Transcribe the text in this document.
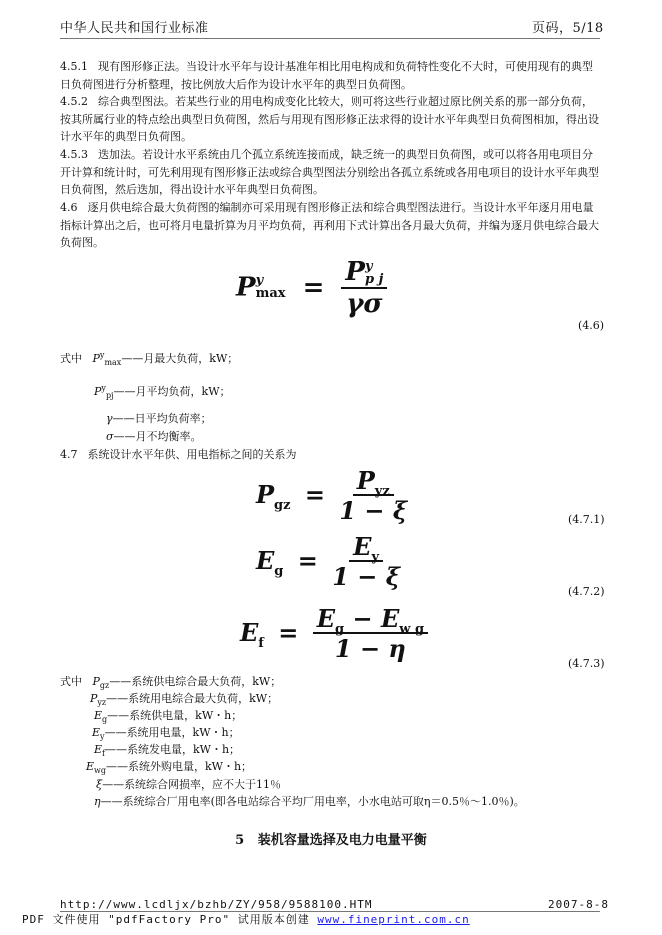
中华人民共和国行业标准	页码，5/18

4.5.1 现有图形修正法。当设计水平年与设计基准年相比用电构成和负荷特性变化不大时，可使用现有的典型日负荷图进行分析整理，按比例放大后作为设计水平年的典型日负荷图。

4.5.2 综合典型图法。若某些行业的用电构成变化比较大，则可将这些行业超过原比例关系的那一部分负荷，按其所属行业的特点绘出典型日负荷图，然后与用现有图形修正法求得的设计水平年典型日负荷图相加，得出设计水平年的典型日负荷图。

4.5.3 迭加法。若设计水平系统由几个孤立系统连接而成，缺乏统一的典型日负荷图，或可以将各用电项目分开计算和统计时，可先利用现有图形修正法或综合典型图法分别绘出各孤立系统或各用电项目的设计水平年典型日负荷图，然后迭加，得出设计水平年典型日负荷图。

4.6 逐月供电综合最大负荷图的编制亦可采用现有图形修正法和综合典型图法进行。当设计水平年逐月用电量指标计算出之后，也可将月电量折算为月平均负荷，再利用下式计算出各月最大负荷，并编为逐月供电综合最大负荷图。

P y
max = P y
p j
γσ
(4.6)
式中 $P^y_{max}——$月最大负荷，kW；
$P^y_{pj}——$月平均负荷，kW；
γ——日平均负荷率；
σ——月不均衡率。

4.7 系统设计水平年供、用电指标之间的关系为

$P_{gz} = \frac{P_{yz}}{1 - \xi}$	(4.7.1)
$E_g = \frac{E_y}{1 - \xi}$
(4.7.2)
$E_f = \frac{E_g - E_{w g}}{1 - \eta}$
(4.7.3)
式中 $P_{gz}——$系统供电综合最大负荷，kW；
$P_{yz}——$系统用电综合最大负荷，kW；
$E_g——$系统供电量，kW・h；
$E_y——$系统用电量，kW・h；
$E_f——$系统发电量，kW・h；
$E_{wg}——$系统外购电量，kW・h；
ξ——系统综合网损率，应不大于11％
η——系统综合厂用电率(即各电站综合平均厂用电率，小水电站可取η＝0.5％～1.0％)。
5 装机容量选择及电力电量平衡
http://www.lcdljx/bzhb/ZY/958/9588100.HTM	2007-8-8
PDF 文件使用 "pdfFactory Pro" 试用版本创建 www.fineprint.com.cn
